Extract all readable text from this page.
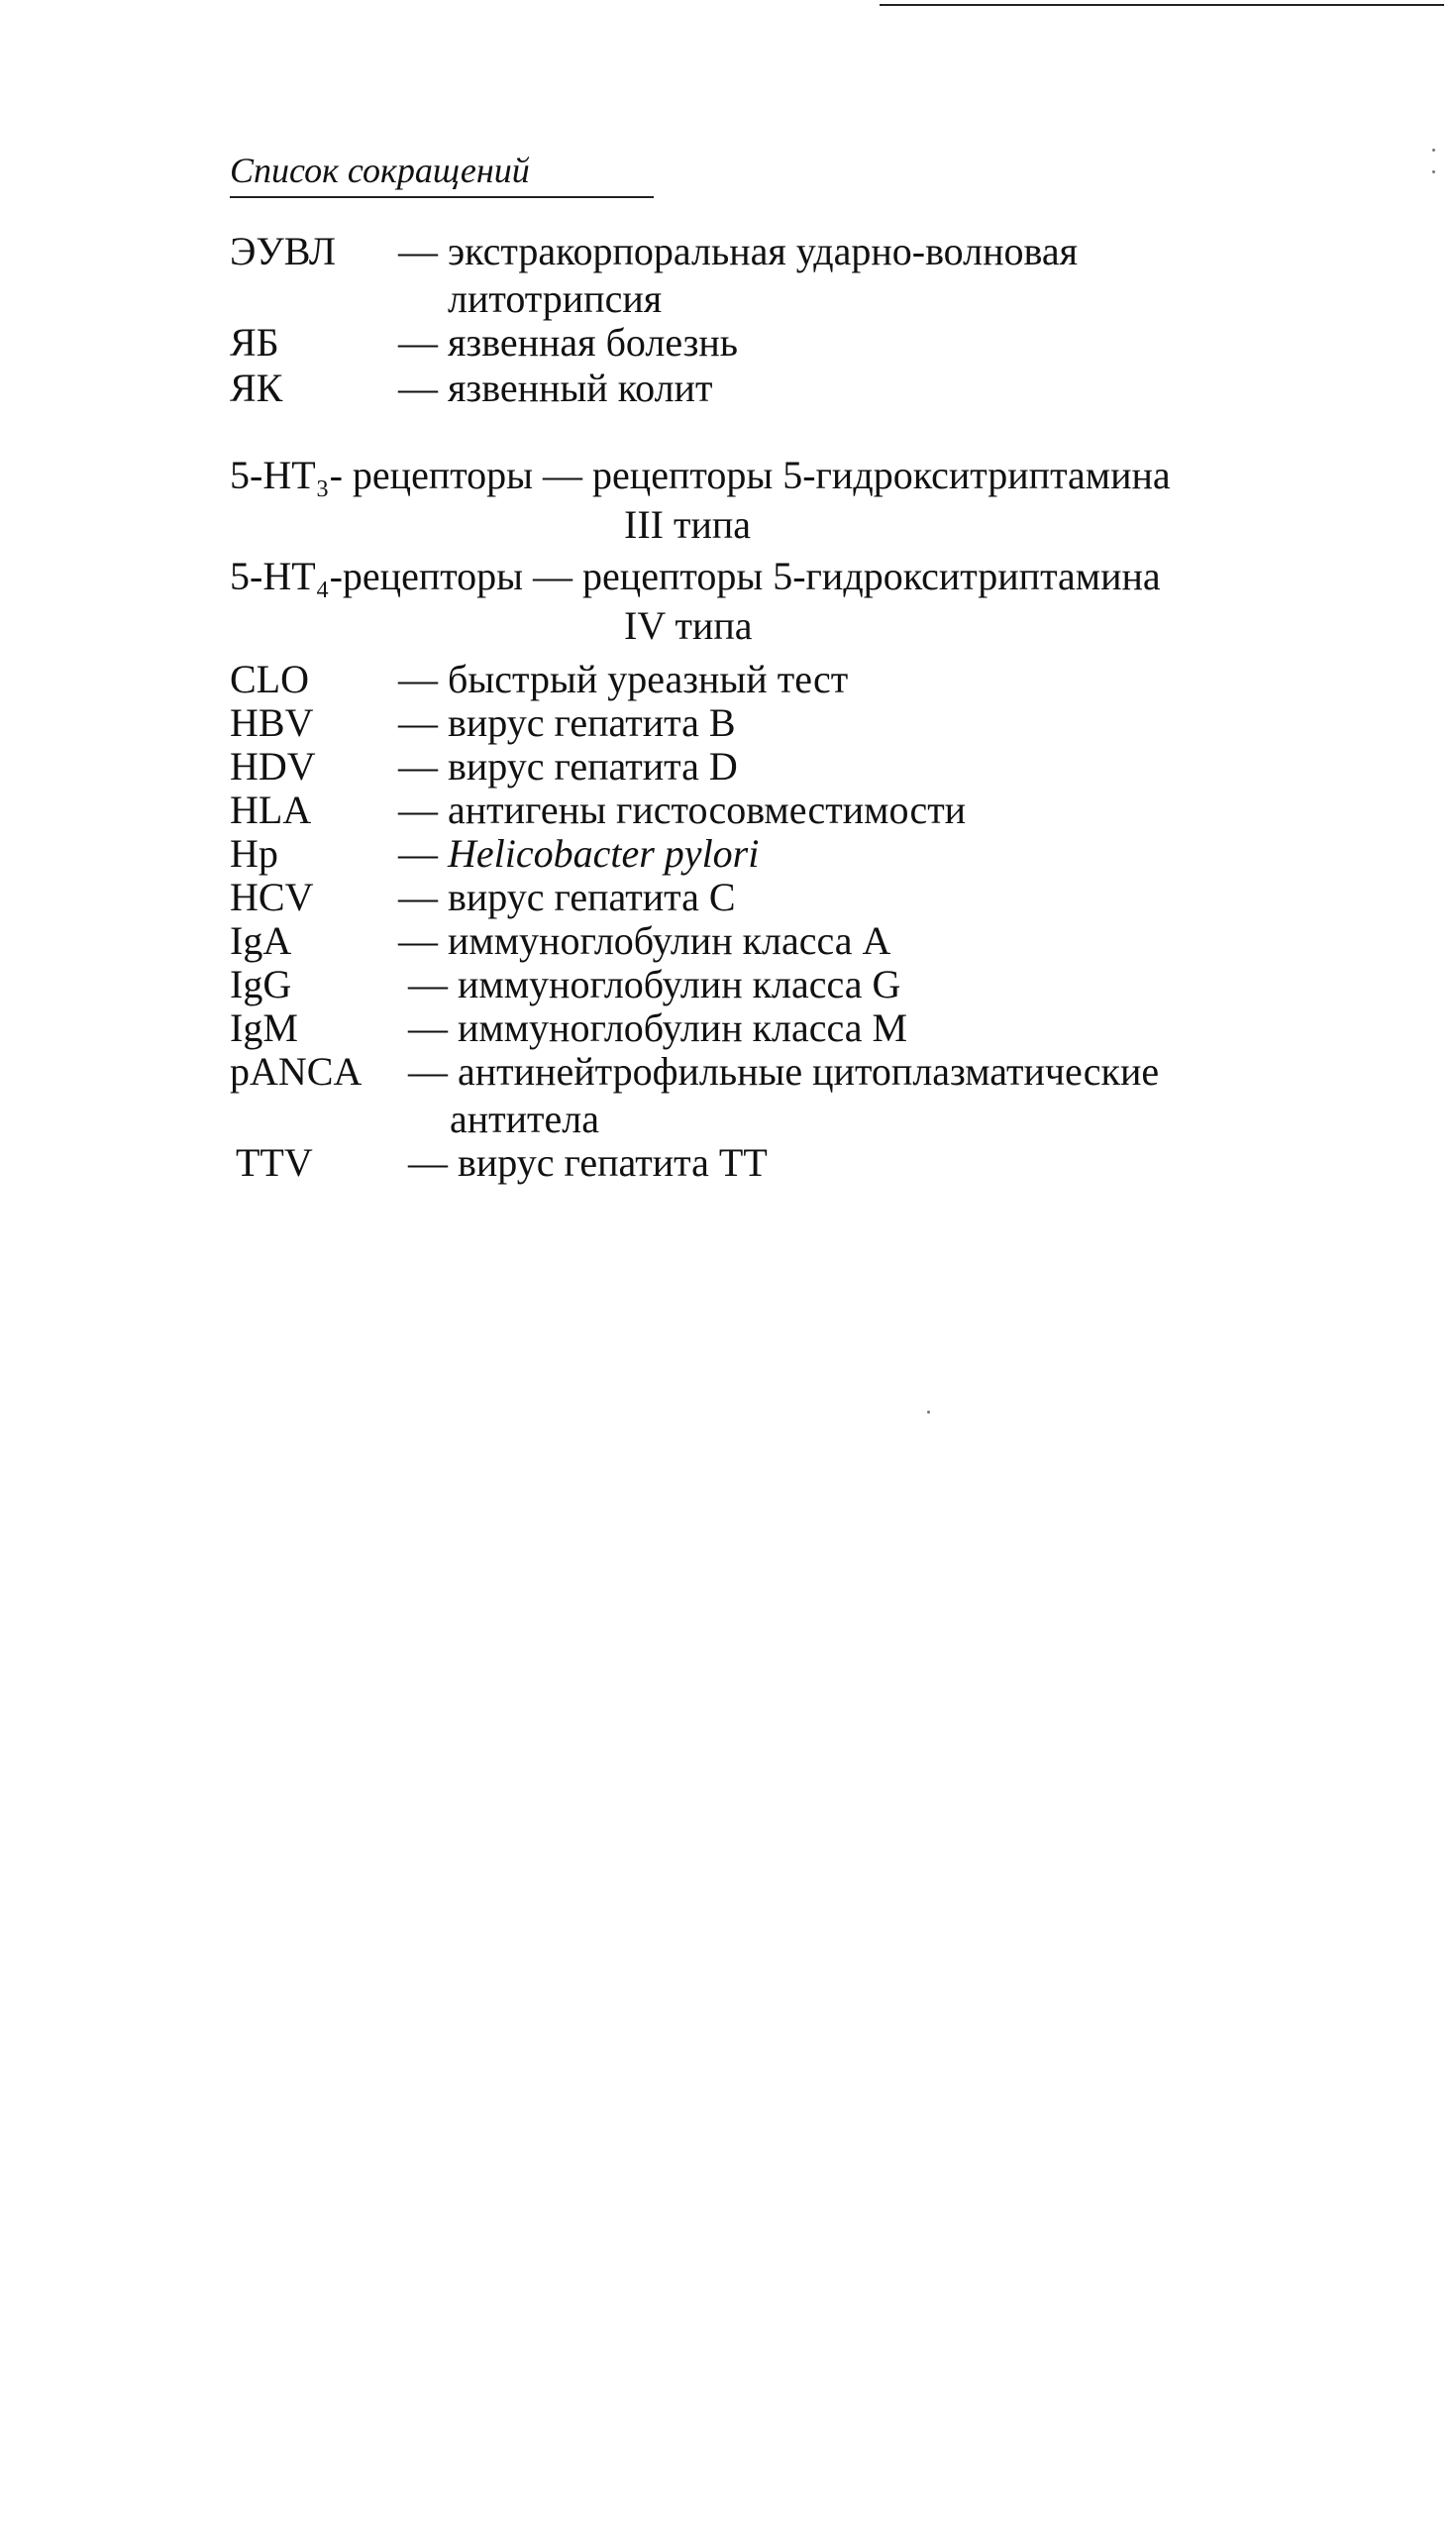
Список сокращений
ЭУВЛ — экстракорпоральная ударно-волновая
литотрипсия
ЯБ	— язвенная болезнь
ЯК	— язвенный колит
5-HT₃- рецепторы — рецепторы 5-гидрокситриптамина
III типа
5-HT₄-рецепторы — рецепторы 5-гидрокситриптамина
IV типа
CLO — быстрый уреазный тест
HBV — вирус гепатита B
HDV — вирус гепатита D
HLA — антигены гистосовместимости
Hp	— Helicobacter pylori
HCV — вирус гепатита C
IgA	— иммуноглобулин класса А
IgG	— иммуноглобулин класса G
IgM	— иммуноглобулин класса M
pANCA — антинейтрофильные цитоплазматические
антитела
TTV — вирус гепатита ТТ
